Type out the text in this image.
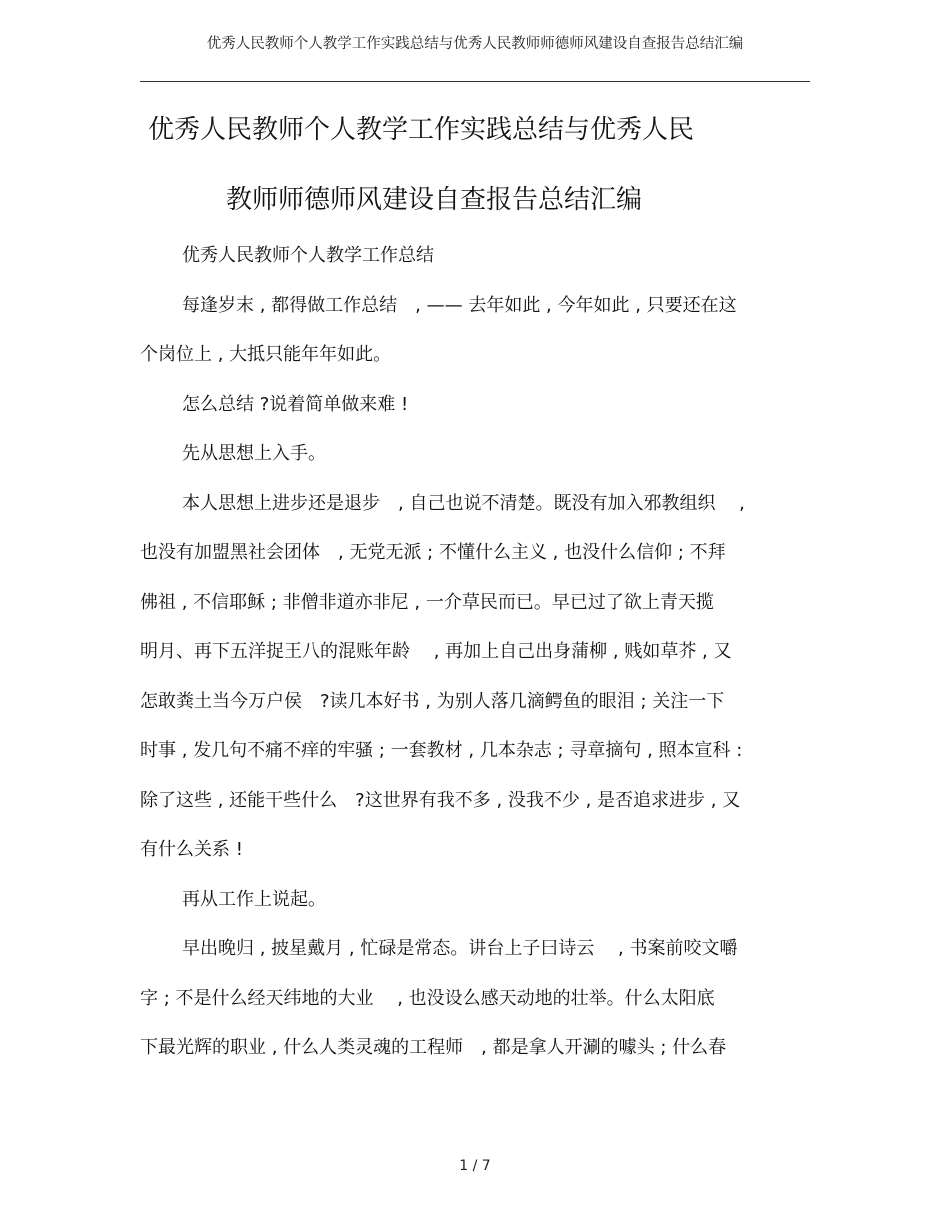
优秀人民教师个人教学工作实践总结与优秀人民教师师德师风建设自查报告总结汇编
优秀人民教师个人教学工作实践总结与优秀人民
教师师德师风建设自查报告总结汇编
优秀人民教师个人教学工作总结
每逢岁末 , 都得做工作总结　, —— 去年如此 , 今年如此 , 只要还在这
个岗位上 , 大抵只能年年如此。
怎么总结 ?说着简单做来难 !
先从思想上入手。
本人思想上进步还是退步　, 自己也说不清楚。既没有加入邪教组织　 ,
也没有加盟黑社会团体　, 无党无派 ; 不懂什么主义 , 也没什么信仰 ; 不拜
佛祖 , 不信耶稣 ; 非僧非道亦非尼 , 一介草民而已。早已过了欲上青天揽
明月、再下五洋捉王八的混账年龄　 , 再加上自己出身蒲柳 , 贱如草芥 , 又
怎敢粪土当今万户侯　?读几本好书 , 为别人落几滴鳄鱼的眼泪 ; 关注一下
时事 , 发几句不痛不痒的牢骚 ; 一套教材 , 几本杂志 ; 寻章摘句 , 照本宣科 :
除了这些 , 还能干些什么　?这世界有我不多 , 没我不少 , 是否追求进步 , 又
有什么关系 !
再从工作上说起。
早出晚归 , 披星戴月 , 忙碌是常态。讲台上子曰诗云　 , 书案前咬文嚼
字 ; 不是什么经天纬地的大业　 , 也没设么感天动地的壮举。什么太阳底
下最光辉的职业 , 什么人类灵魂的工程师　, 都是拿人开涮的噱头 ; 什么春
1 / 7
